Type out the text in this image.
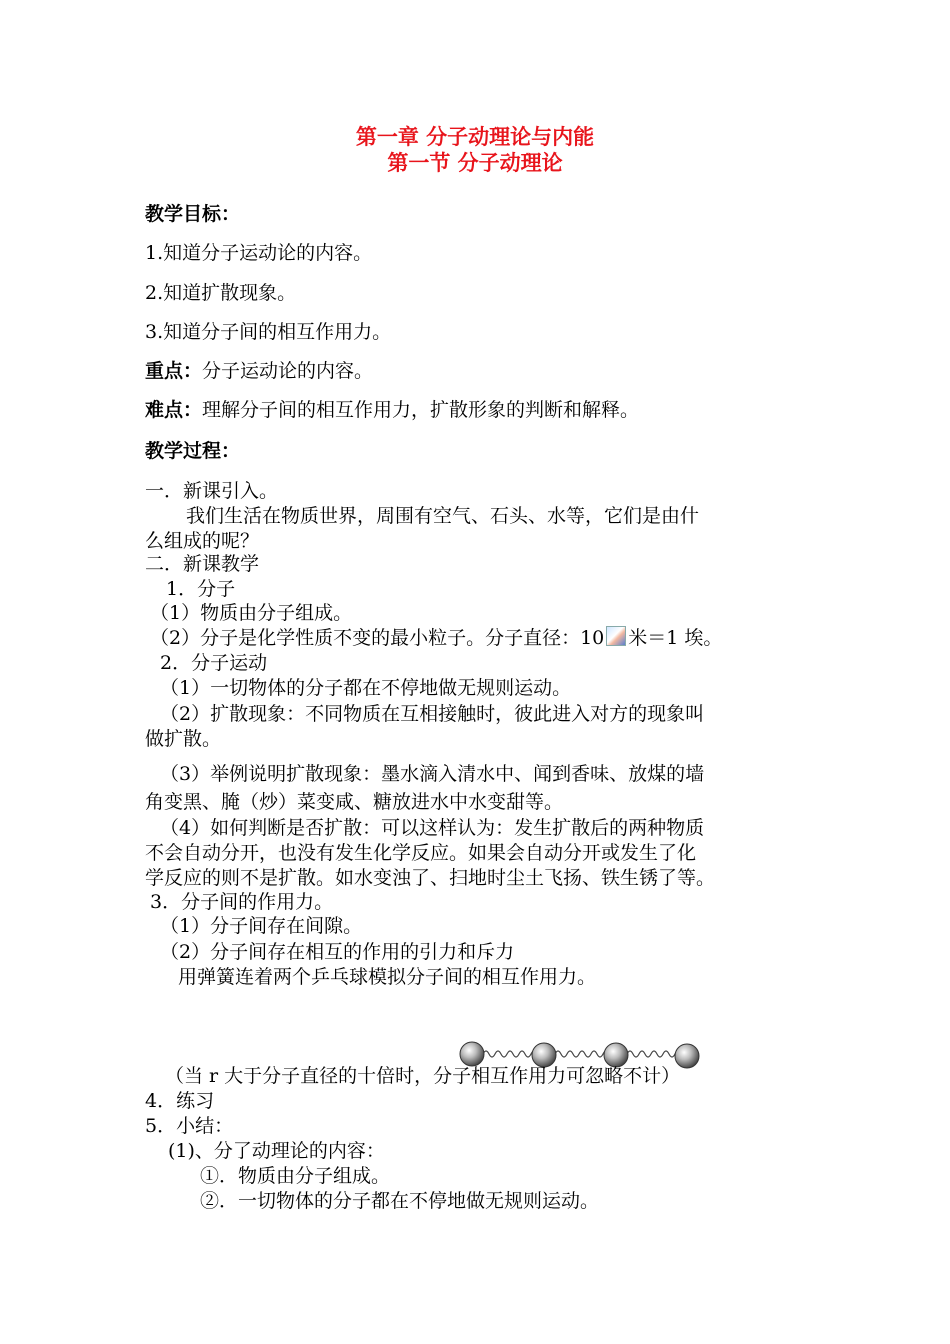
第一章 分子动理论与内能
第一节 分子动理论
教学目标：
1.知道分子运动论的内容。
2.知道扩散现象。
3.知道分子间的相互作用力。
重点：分子运动论的内容。
难点：理解分子间的相互作用力，扩散形象的判断和解释。
教学过程：
一．新课引入。
我们生活在物质世界，周围有空气、石头、水等，它们是由什
么组成的呢？
二．新课教学
1．分子
（1）物质由分子组成。
（2）分子是化学性质不变的最小粒子。分子直径：10 米＝1 埃。
2．分子运动
（1）一切物体的分子都在不停地做无规则运动。
（2）扩散现象：不同物质在互相接触时，彼此进入对方的现象叫
做扩散。
（3）举例说明扩散现象：墨水滴入清水中、闻到香味、放煤的墙
角变黑、腌（炒）菜变咸、糖放进水中水变甜等。
（4）如何判断是否扩散：可以这样认为：发生扩散后的两种物质
不会自动分开，也没有发生化学反应。如果会自动分开或发生了化
学反应的则不是扩散。如水变浊了、扫地时尘土飞扬、铁生锈了等。
3．分子间的作用力。
（1）分子间存在间隙。
（2）分子间存在相互的作用的引力和斥力
用弹簧连着两个乒乓球模拟分子间的相互作用力。
（当 r 大于分子直径的十倍时，分子相互作用力可忽略不计）
4．练习
5．小结：
(1)、分了动理论的内容：
①．物质由分子组成。
②．一切物体的分子都在不停地做无规则运动。
